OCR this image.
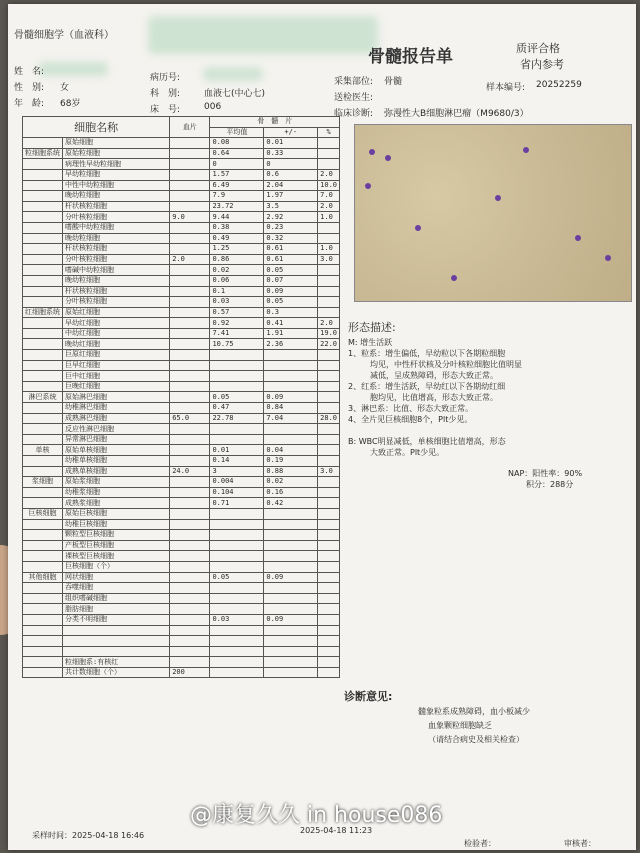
骨髓细胞学（血液科）
骨髓报告单	质评合格
省内参考
姓　名:
性　别: 女
年　龄: 68岁
病历号:
科　别:	血液七(中心七)
床　号:	006
采集部位: 骨髓
送检医生:
临床诊断: 弥漫性大B细胞淋巴瘤（M9680/3）
样本编号: 20252259
细胞名称		血片	骨　髓　片		
			平均值	+/-	%
	原始细胞		0.08	0.01	
粒细胞系统	原始粒细胞		0.64	0.33	
	病理性早幼粒细胞		0	0	
	早幼粒细胞		1.57	0.6	2.0
	中性中幼粒细胞		6.49	2.04	10.0
	晚幼粒细胞		7.9	1.97	7.0
	杆状核粒细胞		23.72	3.5	2.0
	分叶核粒细胞	9.0	9.44	2.92	1.0
	嗜酸中幼粒细胞		0.38	0.23	
	晚幼粒细胞		0.49	0.32	
	杆状核粒细胞		1.25	0.61	1.0
	分叶核粒细胞	2.0	0.86	0.61	3.0
	嗜碱中幼粒细胞		0.02	0.05	
	晚幼粒细胞		0.06	0.07	
	杆状核粒细胞		0.1	0.09	
	分叶核粒细胞		0.03	0.05	
红细胞系统	原始红细胞		0.57	0.3	
	早幼红细胞		0.92	0.41	2.0
	中幼红细胞		7.41	1.91	19.0
	晚幼红细胞		10.75	2.36	22.0
	巨原红细胞				
	巨早红细胞				
	巨中红细胞				
	巨晚红细胞				
淋巴系统	原始淋巴细胞		0.05	0.09	
	幼稚淋巴细胞		0.47	0.84	
	成熟淋巴细胞	65.0	22.78	7.04	28.0
	反应性淋巴细胞				
	异常淋巴细胞				
单核	原始单核细胞		0.01	0.04	
	幼稚单核细胞		0.14	0.19	
	成熟单核细胞	24.0	3	0.88	3.0
浆细胞	原始浆细胞		0.004	0.02	
	幼稚浆细胞		0.104	0.16	
	成熟浆细胞		0.71	0.42	
巨核细胞	原始巨核细胞				
	幼稚巨核细胞				
	颗粒型巨核细胞				
	产板型巨核细胞				
	裸核型巨核细胞				
	巨核细胞（个）				
其他细胞	网状细胞		0.05	0.09	
	吞噬细胞				
	组织嗜碱细胞				
	脂肪细胞				
	分类不明细胞		0.03	0.09	

	粒细胞系:有核红				
	共计数细胞（个）	200			
形态描述:
M: 增生活跃
1、粒系：增生偏低，早幼粒以下各期粒细胞
均见，中性杆状核及分叶核粒细胞比值明显
减低，呈成熟障碍，形态大致正常。
2、红系：增生活跃，早幼红以下各期幼红细
胞均见，比值增高，形态大致正常。
3、淋巴系：比值、形态大致正常。
4、全片见巨核细胞8个，Plt少见。
B: WBC明显减低，单核细胞比值增高，形态
大致正常。Plt少见。
NAP：阳性率：90%
积分：288分
诊断意见:
髓象粒系成熟障碍，血小板减少
血象颗粒细胞缺乏
（请结合病史及相关检查）
采样时间：2025-04-18 16:46
2025-04-18 11:23
检验者：	审核者：
@康复久久 in house086
